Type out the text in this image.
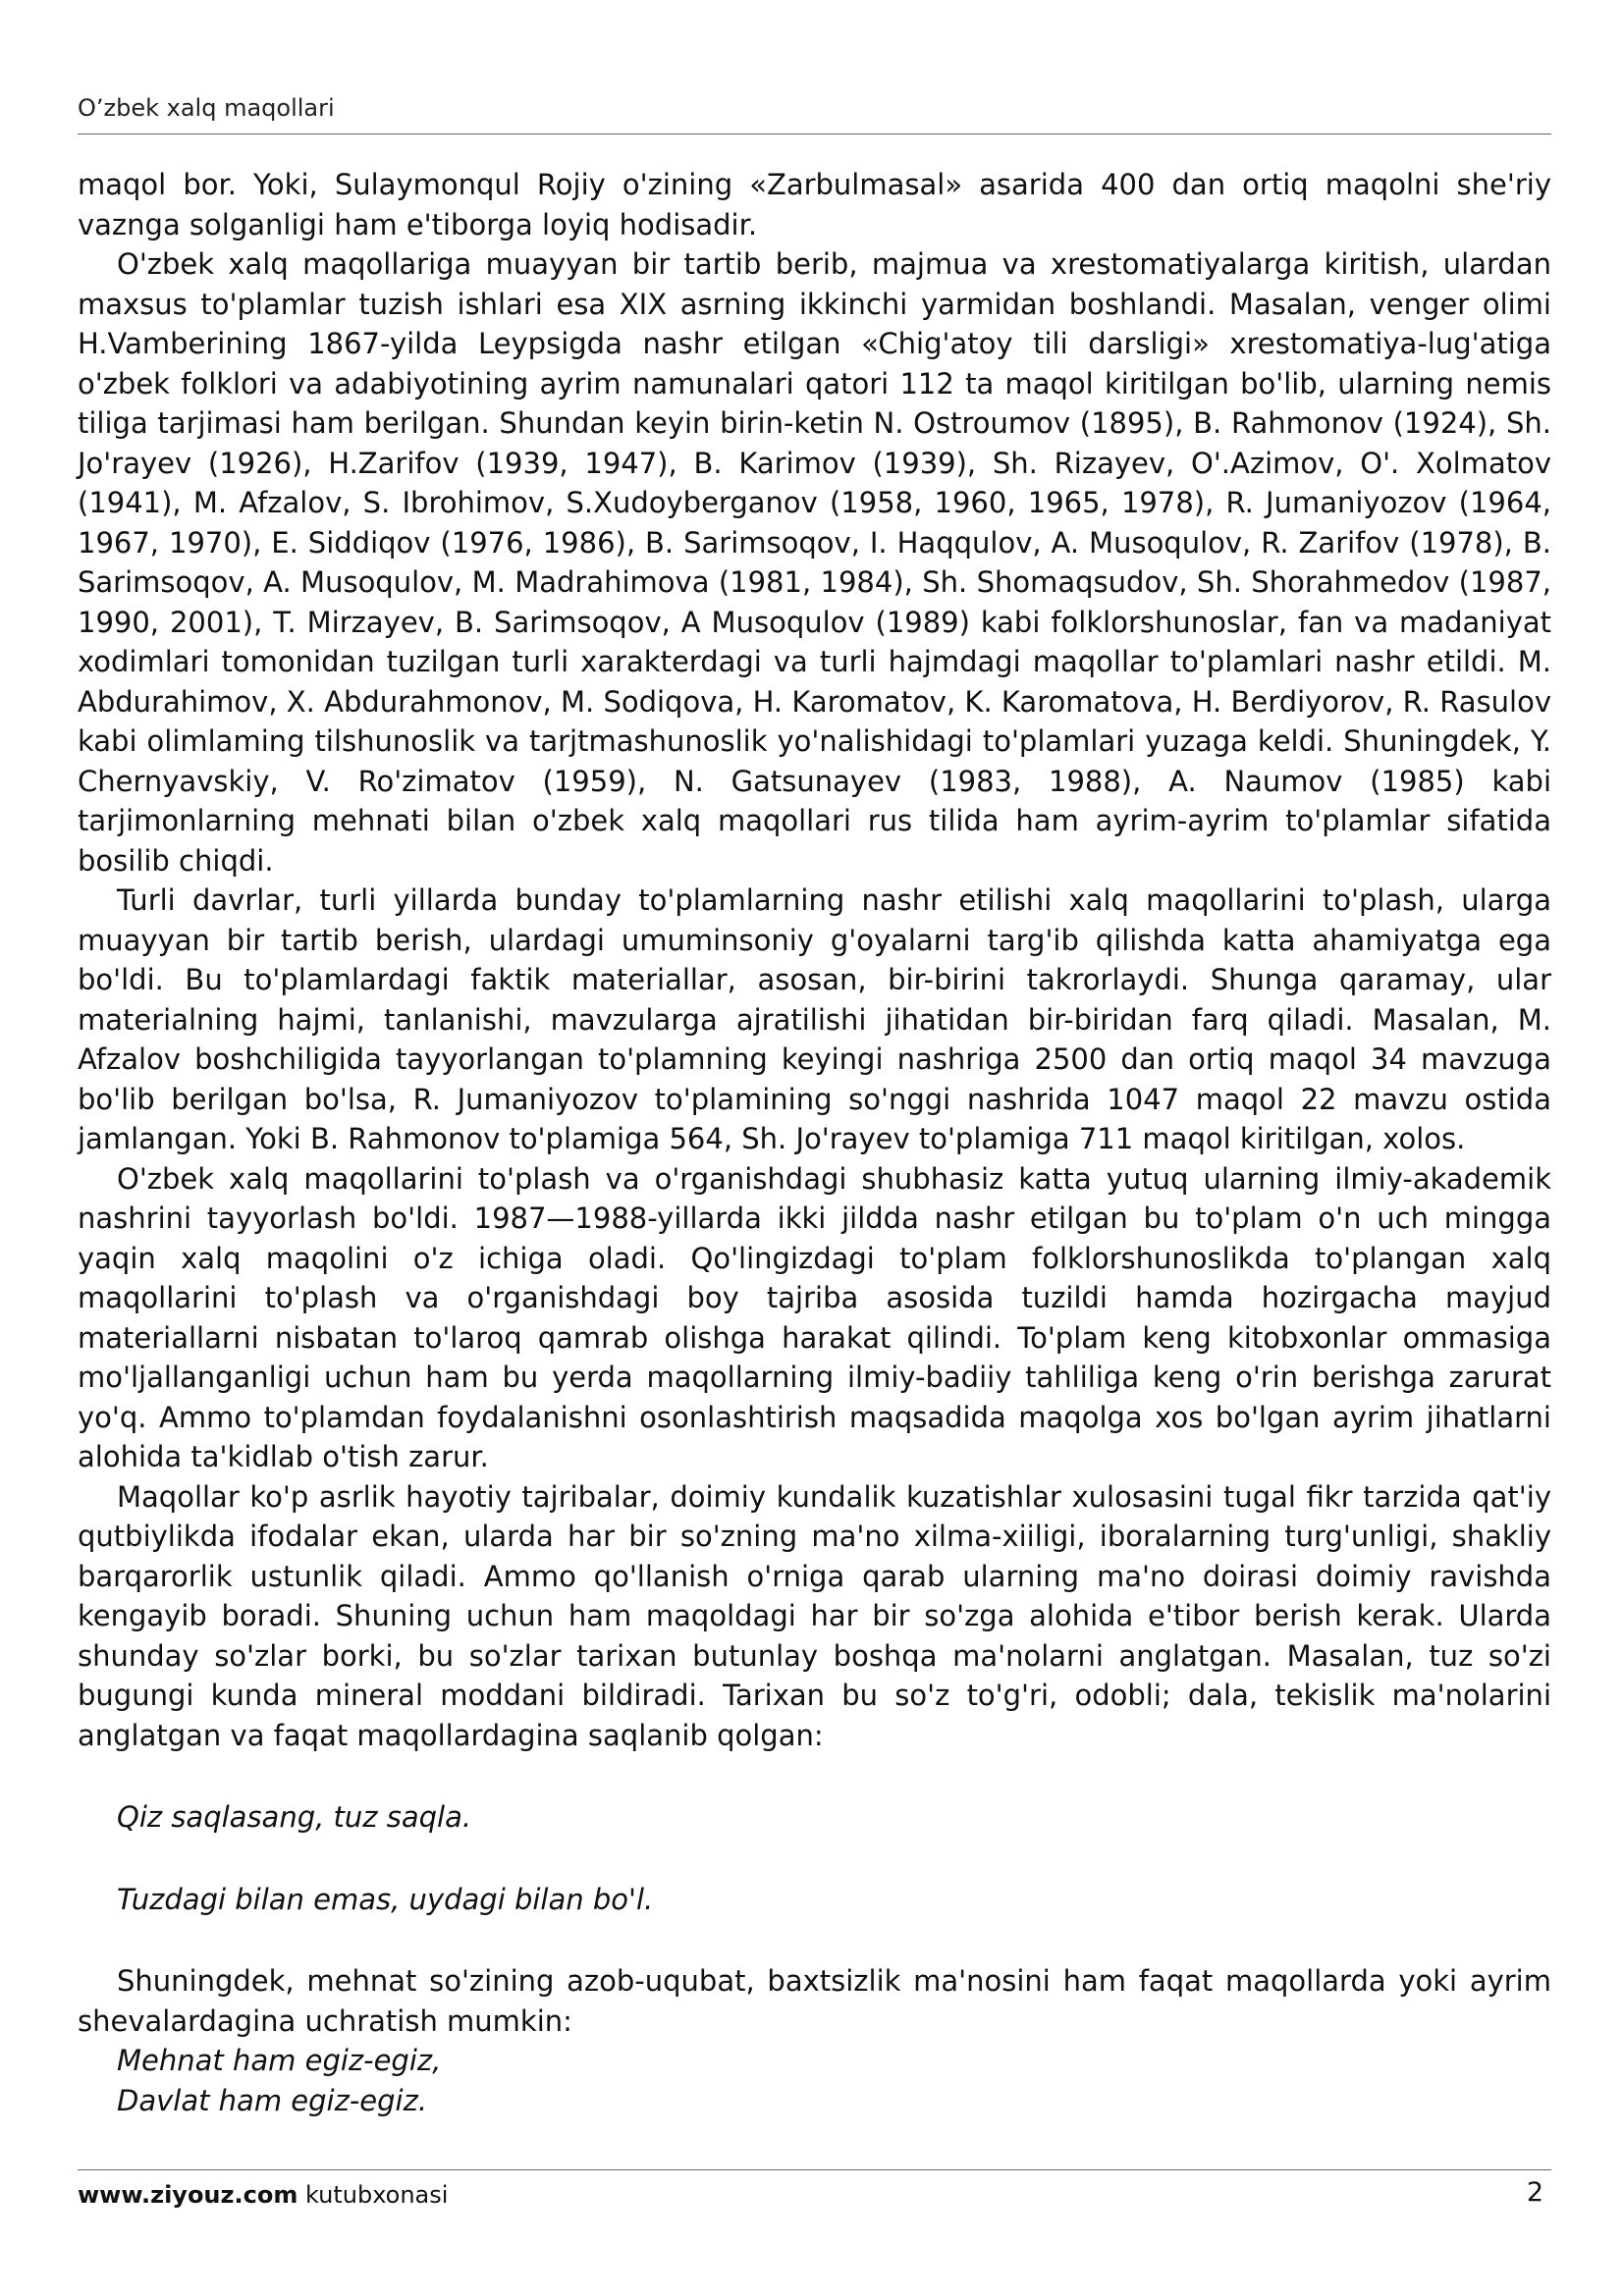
O’zbek xalq maqollari

maqol bor. Yoki, Sulaymonqul Rojiy o'zining «Zarbulmasal» asarida 400 dan ortiq maqolni she'riy vaznga solganligi ham e'tiborga loyiq hodisadir.

O'zbek xalq maqollariga muayyan bir tartib berib, majmua va xrestomatiyalarga kiritish, ulardan maxsus to'plamlar tuzish ishlari esa XIX asrning ikkinchi yarmidan boshlandi. Masalan, venger olimi H.Vamberining 1867-yilda Leypsigda nashr etilgan «Chig'atoy tili darsligi» xrestomatiya-lug'atiga o'zbek folklori va adabiyotining ayrim namunalari qatori 112 ta maqol kiritilgan bo'lib, ularning nemis tiliga tarjimasi ham berilgan. Shundan keyin birin-ketin N. Ostroumov (1895), B. Rahmonov (1924), Sh. Jo'rayev (1926), H.Zarifov (1939, 1947), B. Karimov (1939), Sh. Rizayev, O'.Azimov, O'. Xolmatov (1941), M. Afzalov, S. Ibrohimov, S.Xudoyberganov (1958, 1960, 1965, 1978), R. Jumaniyozov (1964, 1967, 1970), E. Siddiqov (1976, 1986), B. Sarimsoqov, I. Haqqulov, A. Musoqulov, R. Zarifov (1978), B. Sarimsoqov, A. Musoqulov, M. Madrahimova (1981, 1984), Sh. Shomaqsudov, Sh. Shorahmedov (1987, 1990, 2001), T. Mirzayev, B. Sarimsoqov, A Musoqulov (1989) kabi folklorshunoslar, fan va madaniyat xodimlari tomonidan tuzilgan turli xarakterdagi va turli hajmdagi maqollar to'plamlari nashr etildi. M. Abdurahimov, X. Abdurahmonov, M. Sodiqova, H. Karomatov, K. Karomatova, H. Berdiyorov, R. Rasulov kabi olimlaming tilshunoslik va tarjtmashunoslik yo'nalishidagi to'plamlari yuzaga keldi. Shuningdek, Y. Chernyavskiy, V. Ro'zimatov (1959), N. Gatsunayev (1983, 1988), A. Naumov (1985) kabi tarjimonlarning mehnati bilan o'zbek xalq maqollari rus tilida ham ayrim-ayrim to'plamlar sifatida bosilib chiqdi.

Turli davrlar, turli yillarda bunday to'plamlarning nashr etilishi xalq maqollarini to'plash, ularga muayyan bir tartib berish, ulardagi umuminsoniy g'oyalarni targ'ib qilishda katta ahamiyatga ega bo'ldi. Bu to'plamlardagi faktik materiallar, asosan, bir-birini takrorlaydi. Shunga qaramay, ular materialning hajmi, tanlanishi, mavzularga ajratilishi jihatidan bir-biridan farq qiladi. Masalan, M. Afzalov boshchiligida tayyorlangan to'plamning keyingi nashriga 2500 dan ortiq maqol 34 mavzuga bo'lib berilgan bo'lsa, R. Jumaniyozov to'plamining so'nggi nashrida 1047 maqol 22 mavzu ostida jamlangan. Yoki B. Rahmonov to'plamiga 564, Sh. Jo'rayev to'plamiga 711 maqol kiritilgan, xolos.

O'zbek xalq maqollarini to'plash va o'rganishdagi shubhasiz katta yutuq ularning ilmiy-akademik nashrini tayyorlash bo'ldi. 1987—1988-yillarda ikki jildda nashr etilgan bu to'plam o'n uch mingga yaqin xalq maqolini o'z ichiga oladi. Qo'lingizdagi to'plam folklorshunoslikda to'plangan xalq maqollarini to'plash va o'rganishdagi boy tajriba asosida tuzildi hamda hozirgacha mayjud materiallarni nisbatan to'laroq qamrab olishga harakat qilindi. To'plam keng kitobxonlar ommasiga mo'ljallanganligi uchun ham bu yerda maqollarning ilmiy-badiiy tahliliga keng o'rin berishga zarurat yo'q. Ammo to'plamdan foydalanishni osonlashtirish maqsadida maqolga xos bo'lgan ayrim jihatlarni alohida ta'kidlab o'tish zarur.

Maqollar ko'p asrlik hayotiy tajribalar, doimiy kundalik kuzatishlar xulosasini tugal fikr tarzida qat'iy qutbiylikda ifodalar ekan, ularda har bir so'zning ma'no xilma-xiiligi, iboralarning turg'unligi, shakliy barqarorlik ustunlik qiladi. Ammo qo'llanish o'rniga qarab ularning ma'no doirasi doimiy ravishda kengayib boradi. Shuning uchun ham maqoldagi har bir so'zga alohida e'tibor berish kerak. Ularda shunday so'zlar borki, bu so'zlar tarixan butunlay boshqa ma'nolarni anglatgan. Masalan, tuz so'zi bugungi kunda mineral moddani bildiradi. Tarixan bu so'z to'g'ri, odobli; dala, tekislik ma'nolarini anglatgan va faqat maqollardagina saqlanib qolgan:

Qiz saqlasang, tuz saqla.

Tuzdagi bilan emas, uydagi bilan bo'l.

Shuningdek, mehnat so'zining azob-uqubat, baxtsizlik ma'nosini ham faqat maqollarda yoki ayrim shevalardagina uchratish mumkin:

Mehnat ham egiz-egiz,

Davlat ham egiz-egiz.

www.ziyouz.com kutubxonasi	2
